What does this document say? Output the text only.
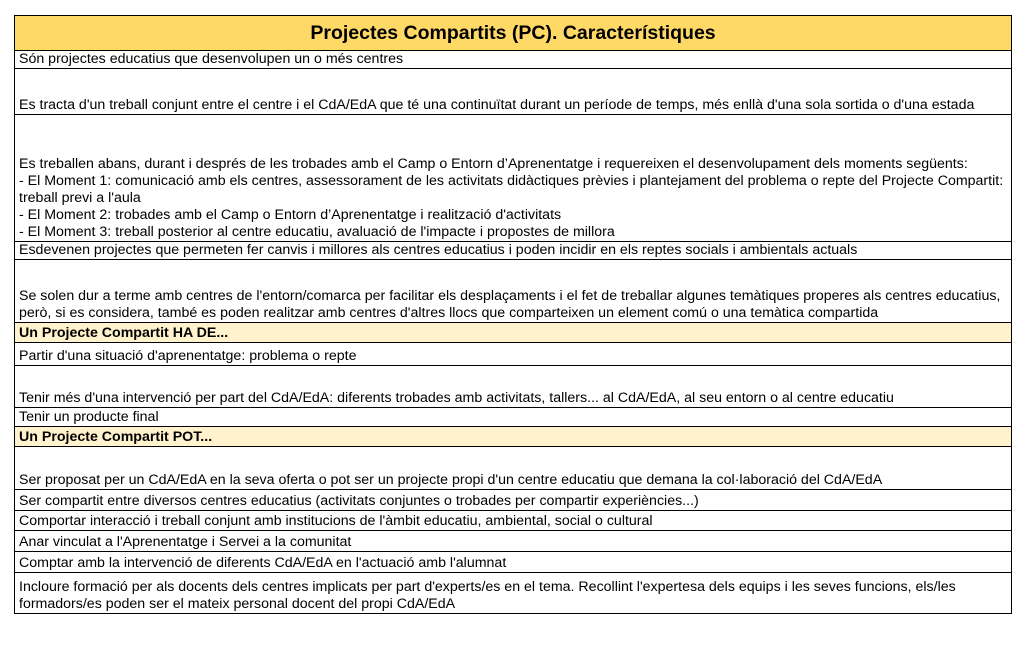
Projectes Compartits (PC). Característiques
Són projectes educatius que desenvolupen un o més centres
Es tracta d'un treball conjunt entre el centre i el CdA/EdA que té una continuïtat durant un període de temps, més enllà d'una sola sortida o d'una estada
Es treballen abans, durant i després de les trobades amb el Camp o Entorn d’Aprenentatge i requereixen el desenvolupament dels moments següents:
- El Moment 1: comunicació amb els centres, assessorament de les activitats didàctiques prèvies i plantejament del problema o repte del Projecte Compartit: treball previ a l'aula
- El Moment 2: trobades amb el Camp o Entorn d’Aprenentatge i realització d'activitats
- El Moment 3: treball posterior al centre educatiu, avaluació de l'impacte i propostes de millora
Esdevenen projectes que permeten fer canvis i millores als centres educatius i poden incidir en els reptes socials i ambientals actuals
Se solen dur a terme amb centres de l'entorn/comarca per facilitar els desplaçaments i el fet de treballar algunes temàtiques properes als centres educatius, però, si es considera, també es poden realitzar amb centres d'altres llocs que comparteixen un element comú o una temàtica compartida
Un Projecte Compartit HA DE...
Partir d'una situació d'aprenentatge: problema o repte
Tenir més d'una intervenció per part del CdA/EdA: diferents trobades amb activitats, tallers... al CdA/EdA, al seu entorn o al centre educatiu
Tenir un producte final
Un Projecte Compartit POT...
Ser proposat per un CdA/EdA en la seva oferta o pot ser un projecte propi d'un centre educatiu que demana la col·laboració del CdA/EdA
Ser compartit entre diversos centres educatius (activitats conjuntes o trobades per compartir experiències...)
Comportar interacció i treball conjunt amb institucions de l'àmbit educatiu, ambiental, social o cultural
Anar vinculat a l'Aprenentatge i Servei a la comunitat
Comptar amb la intervenció de diferents CdA/EdA en l'actuació amb l'alumnat
Incloure formació per als docents dels centres implicats per part d'experts/es en el tema. Recollint l'expertesa dels equips i les seves funcions, els/les formadors/es poden ser el mateix personal docent del propi CdA/EdA
